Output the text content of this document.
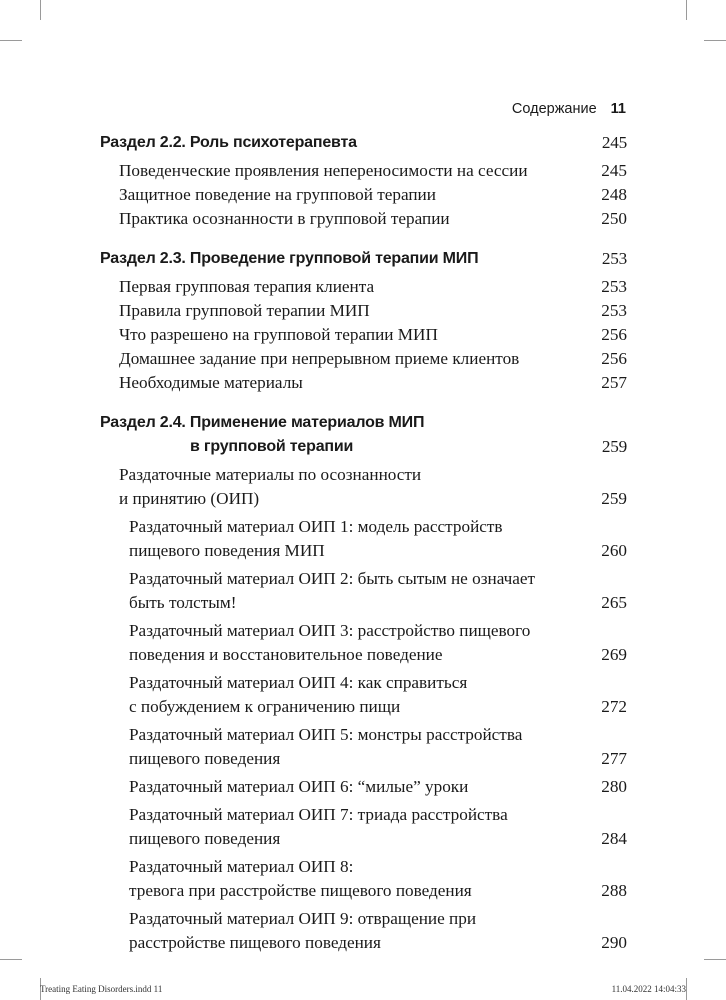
Содержание 11
Раздел 2.2. Роль психотерапевта	245
Поведенческие проявления непереносимости на сессии	245
Защитное поведение на групповой терапии	248
Практика осознанности в групповой терапии	250
Раздел 2.3. Проведение групповой терапии МИП	253
Первая групповая терапия клиента	253
Правила групповой терапии МИП	253
Что разрешено на групповой терапии МИП	256
Домашнее задание при непрерывном приеме клиентов	256
Необходимые материалы	257
Раздел 2.4. Применение материалов МИП
в групповой терапии	259
Раздаточные материалы по осознанности
и принятию (ОИП)	259
Раздаточный материал ОИП 1: модель расстройств
пищевого поведения МИП	260
Раздаточный материал ОИП 2: быть сытым не означает
быть толстым!	265
Раздаточный материал ОИП 3: расстройство пищевого
поведения и восстановительное поведение	269
Раздаточный материал ОИП 4: как справиться
с побуждением к ограничению пищи	272
Раздаточный материал ОИП 5: монстры расстройства
пищевого поведения	277
Раздаточный материал ОИП 6: “милые” уроки	280
Раздаточный материал ОИП 7: триада расстройства
пищевого поведения	284
Раздаточный материал ОИП 8:
тревога при расстройстве пищевого поведения	288
Раздаточный материал ОИП 9: отвращение при
расстройстве пищевого поведения	290
Treating Eating Disorders.indd 11	11.04.2022 14:04:33
